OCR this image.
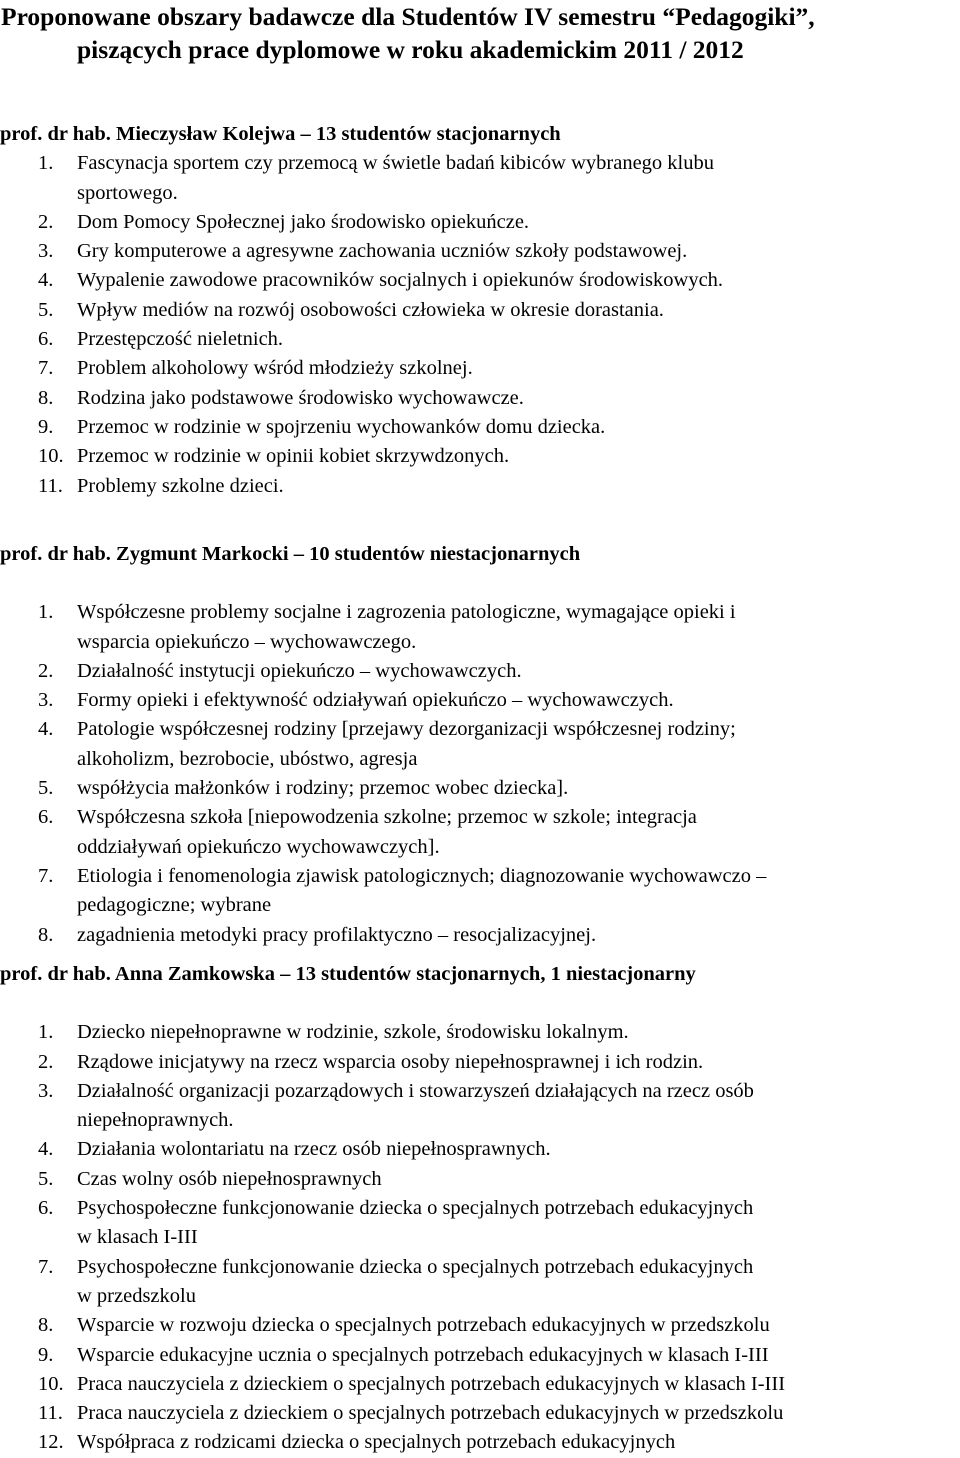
Proponowane obszary badawcze dla Studentów IV semestru “Pedagogiki”,
piszących prace dyplomowe w roku akademickim 2011 / 2012
prof. dr hab. Mieczysław Kolejwa – 13 studentów stacjonarnych
1. Fascynacja sportem czy przemocą w świetle badań kibiców wybranego klubu
sportowego.
2. Dom Pomocy Społecznej jako środowisko opiekuńcze.
3. Gry komputerowe a agresywne zachowania uczniów szkoły podstawowej.
4. Wypalenie zawodowe pracowników socjalnych i opiekunów środowiskowych.
5. Wpływ mediów na rozwój osobowości człowieka w okresie dorastania.
6. Przestępczość nieletnich.
7. Problem alkoholowy wśród młodzieży szkolnej.
8. Rodzina jako podstawowe środowisko wychowawcze.
9. Przemoc w rodzinie w spojrzeniu wychowanków domu dziecka.
10. Przemoc w rodzinie w opinii kobiet skrzywdzonych.
11. Problemy szkolne dzieci.
prof. dr hab. Zygmunt Markocki – 10 studentów niestacjonarnych
1. Współczesne problemy socjalne i zagrozenia patologiczne, wymagające opieki i
wsparcia opiekuńczo – wychowawczego.
2. Działalność instytucji opiekuńczo – wychowawczych.
3. Formy opieki i efektywność odziaływań opiekuńczo – wychowawczych.
4. Patologie współczesnej rodziny [przejawy dezorganizacji współczesnej rodziny;
alkoholizm, bezrobocie, ubóstwo, agresja
5. współżycia małżonków i rodziny; przemoc wobec dziecka].
6. Współczesna szkoła [niepowodzenia szkolne; przemoc w szkole; integracja
oddziaływań opiekuńczo wychowawczych].
7. Etiologia i fenomenologia zjawisk patologicznych; diagnozowanie wychowawczo –
pedagogiczne; wybrane
8. zagadnienia metodyki pracy profilaktyczno – resocjalizacyjnej.
prof. dr hab. Anna Zamkowska – 13 studentów stacjonarnych, 1 niestacjonarny
1. Dziecko niepełnoprawne w rodzinie, szkole, środowisku lokalnym.
2. Rządowe inicjatywy na rzecz wsparcia osoby niepełnosprawnej i ich rodzin.
3. Działalność organizacji pozarządowych i stowarzyszeń działających na rzecz osób
niepełnoprawnych.
4. Działania wolontariatu na rzecz osób niepełnosprawnych.
5. Czas wolny osób niepełnosprawnych
6. Psychospołeczne funkcjonowanie dziecka o specjalnych potrzebach edukacyjnych
w klasach I-III
7. Psychospołeczne funkcjonowanie dziecka o specjalnych potrzebach edukacyjnych
w przedszkolu
8. Wsparcie w rozwoju dziecka o specjalnych potrzebach edukacyjnych w przedszkolu
9. Wsparcie edukacyjne ucznia o specjalnych potrzebach edukacyjnych w klasach I-III
10. Praca nauczyciela z dzieckiem o specjalnych potrzebach edukacyjnych w klasach I-III
11. Praca nauczyciela z dzieckiem o specjalnych potrzebach edukacyjnych w przedszkolu
12. Współpraca z rodzicami dziecka o specjalnych potrzebach edukacyjnych
